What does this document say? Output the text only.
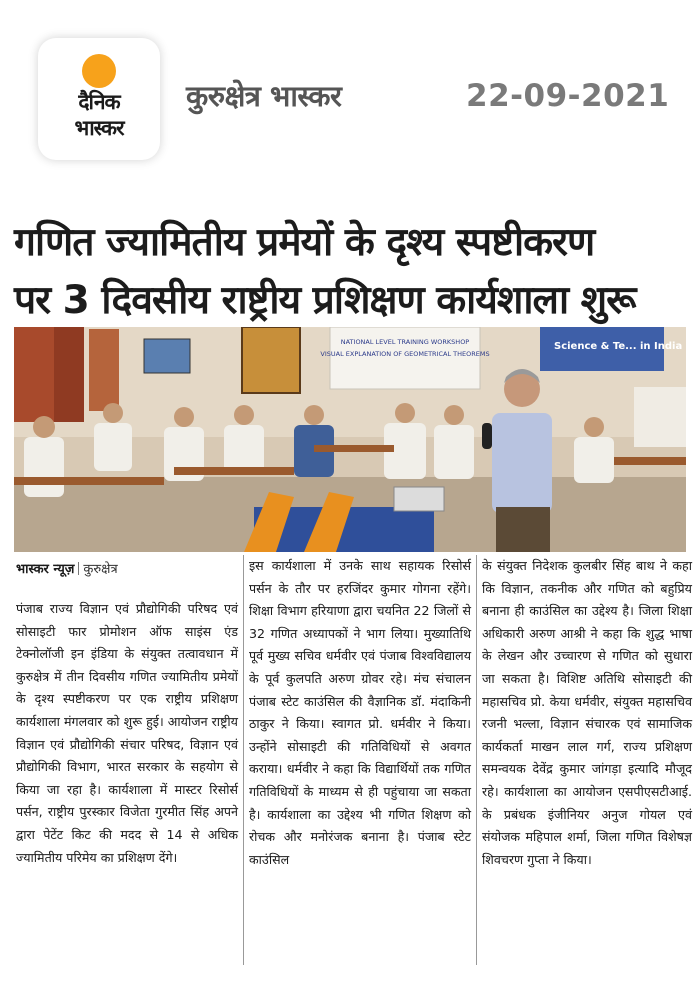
दैनिक
भास्कर
कुरुक्षेत्र भास्कर	22-09-2021
गणित ज्यामितीय प्रमेयों के दृश्य स्पष्टीकरण
पर 3 दिवसीय राष्ट्रीय प्रशिक्षण कार्यशाला शुरू
NATIONAL LEVEL TRAINING WORKSHOP
VISUAL EXPLANATION OF GEOMETRICAL THEOREMS
Science & Te... in India
भास्कर न्यूज़ कुरुक्षेत्र
पंजाब राज्य विज्ञान एवं प्रौद्योगिकी परिषद एवं सोसाइटी फार प्रोमोशन ऑफ साइंस एंड टेक्नोलॉजी इन इंडिया के संयुक्त तत्वावधान में कुरुक्षेत्र में तीन दिवसीय गणित ज्यामितीय प्रमेयों के दृश्य स्पष्टीकरण पर एक राष्ट्रीय प्रशिक्षण कार्यशाला मंगलवार को शुरू हुई। आयोजन राष्ट्रीय विज्ञान एवं प्रौद्योगिकी संचार परिषद, विज्ञान एवं प्रौद्योगिकी विभाग, भारत सरकार के सहयोग से किया जा रहा है। कार्यशाला में मास्टर रिसोर्स पर्सन, राष्ट्रीय पुरस्कार विजेता गुरमीत सिंह अपने द्वारा पेटेंट किट की मदद से 14 से अधिक ज्यामितीय परिमेय का प्रशिक्षण देंगे।
इस कार्यशाला में उनके साथ सहायक रिसोर्स पर्सन के तौर पर हरजिंदर कुमार गोगना रहेंगे। शिक्षा विभाग हरियाणा द्वारा चयनित 22 जिलों से 32 गणित अध्यापकों ने भाग लिया। मुख्यातिथि पूर्व मुख्य सचिव धर्मवीर एवं पंजाब विश्वविद्यालय के पूर्व कुलपति अरुण ग्रोवर रहे। मंच संचालन पंजाब स्टेट काउंसिल की वैज्ञानिक डॉ. मंदाकिनी ठाकुर ने किया। स्वागत प्रो. धर्मवीर ने किया। उन्होंने सोसाइटी की गतिविधियों से अवगत कराया। धर्मवीर ने कहा कि विद्यार्थियों तक गणित गतिविधियों के माध्यम से ही पहुंचाया जा सकता है। कार्यशाला का उद्देश्य भी गणित शिक्षण को रोचक और मनोरंजक बनाना है। पंजाब स्टेट काउंसिल
के संयुक्त निदेशक कुलबीर सिंह बाथ ने कहा कि विज्ञान, तकनीक और गणित को बहुप्रिय बनाना ही काउंसिल का उद्देश्य है। जिला शिक्षा अधिकारी अरुण आश्री ने कहा कि शुद्ध भाषा के लेखन और उच्चारण से गणित को सुधारा जा सकता है। विशिष्ट अतिथि सोसाइटी की महासचिव प्रो. केया धर्मवीर, संयुक्त महासचिव रजनी भल्ला, विज्ञान संचारक एवं सामाजिक कार्यकर्ता माखन लाल गर्ग, राज्य प्रशिक्षण समन्वयक देवेंद्र कुमार जांगड़ा इत्यादि मौजूद रहे। कार्यशाला का आयोजन एसपीएसटीआई. के प्रबंधक इंजीनियर अनुज गोयल एवं संयोजक महिपाल शर्मा, जिला गणित विशेषज्ञ शिवचरण गुप्ता ने किया।
